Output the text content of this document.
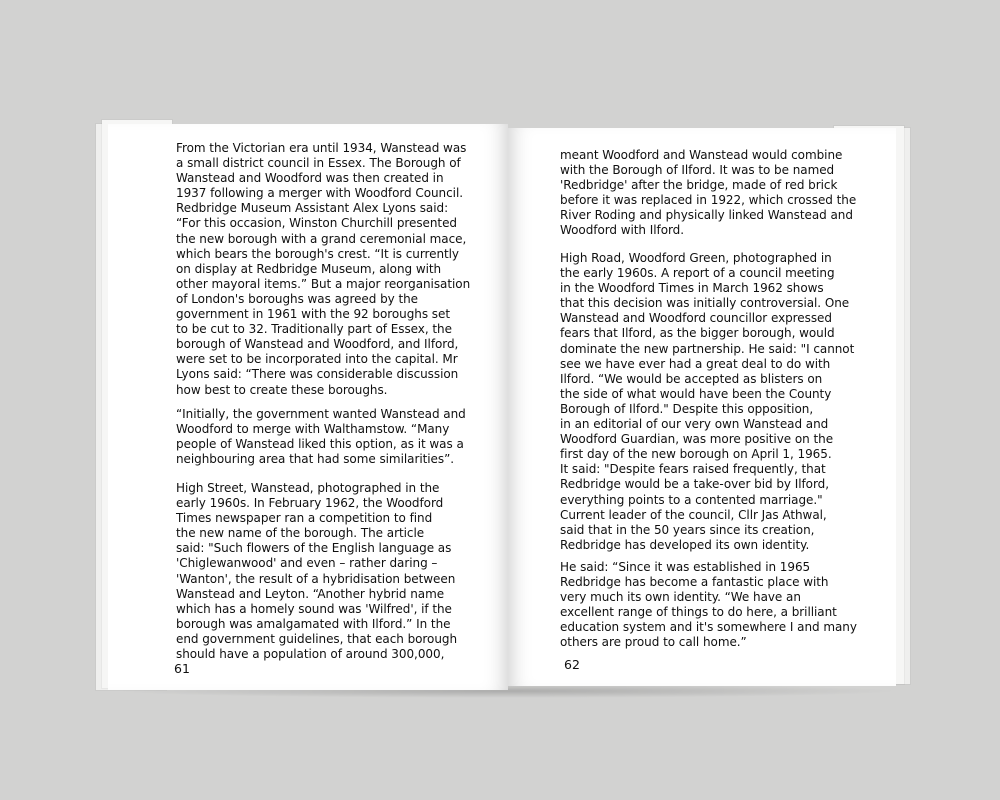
From the Victorian era until 1934, Wanstead was
a small district council in Essex. The Borough of
Wanstead and Woodford was then created in
1937 following a merger with Woodford Council.
Redbridge Museum Assistant Alex Lyons said:
“For this occasion, Winston Churchill presented
the new borough with a grand ceremonial mace,
which bears the borough's crest. “It is currently
on display at Redbridge Museum, along with
other mayoral items.” But a major reorganisation
of London's boroughs was agreed by the
government in 1961 with the 92 boroughs set
to be cut to 32. Traditionally part of Essex, the
borough of Wanstead and Woodford, and Ilford,
were set to be incorporated into the capital. Mr
Lyons said: “There was considerable discussion
how best to create these boroughs.

“Initially, the government wanted Wanstead and
Woodford to merge with Walthamstow. “Many
people of Wanstead liked this option, as it was a
neighbouring area that had some similarities”.

High Street, Wanstead, photographed in the
early 1960s. In February 1962, the Woodford
Times newspaper ran a competition to find
the new name of the borough. The article
said: "Such flowers of the English language as
'Chiglewanwood' and even – rather daring –
'Wanton', the result of a hybridisation between
Wanstead and Leyton. “Another hybrid name
which has a homely sound was 'Wilfred', if the
borough was amalgamated with Ilford.” In the
end government guidelines, that each borough
should have a population of around 300,000,

61

meant Woodford and Wanstead would combine
with the Borough of Ilford. It was to be named
'Redbridge' after the bridge, made of red brick
before it was replaced in 1922, which crossed the
River Roding and physically linked Wanstead and
Woodford with Ilford.

High Road, Woodford Green, photographed in
the early 1960s. A report of a council meeting
in the Woodford Times in March 1962 shows
that this decision was initially controversial. One
Wanstead and Woodford councillor expressed
fears that Ilford, as the bigger borough, would
dominate the new partnership. He said: "I cannot
see we have ever had a great deal to do with
Ilford. “We would be accepted as blisters on
the side of what would have been the County
Borough of Ilford." Despite this opposition,
in an editorial of our very own Wanstead and
Woodford Guardian, was more positive on the
first day of the new borough on April 1, 1965.
It said: "Despite fears raised frequently, that
Redbridge would be a take-over bid by Ilford,
everything points to a contented marriage."
Current leader of the council, Cllr Jas Athwal,
said that in the 50 years since its creation,
Redbridge has developed its own identity.

He said: “Since it was established in 1965
Redbridge has become a fantastic place with
very much its own identity. “We have an
excellent range of things to do here, a brilliant
education system and it's somewhere I and many
others are proud to call home.”

62
